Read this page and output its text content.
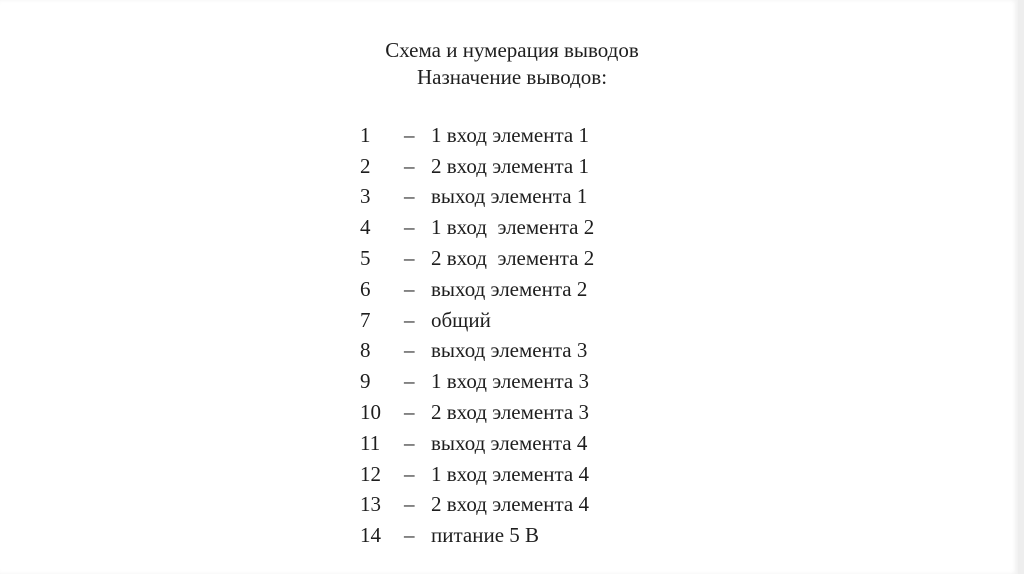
Схема и нумерация выводов
Назначение выводов:
1	– 1 вход элемента 1
2	– 2 вход элемента 1
3	– выход элемента 1
4	– 1 вход  элемента 2
5	– 2 вход  элемента 2
6	– выход элемента 2
7	– общий
8	– выход элемента 3
9	– 1 вход элемента 3
10	– 2 вход элемента 3
11	– выход элемента 4
12	– 1 вход элемента 4
13	– 2 вход элемента 4
14	– питание 5 В
